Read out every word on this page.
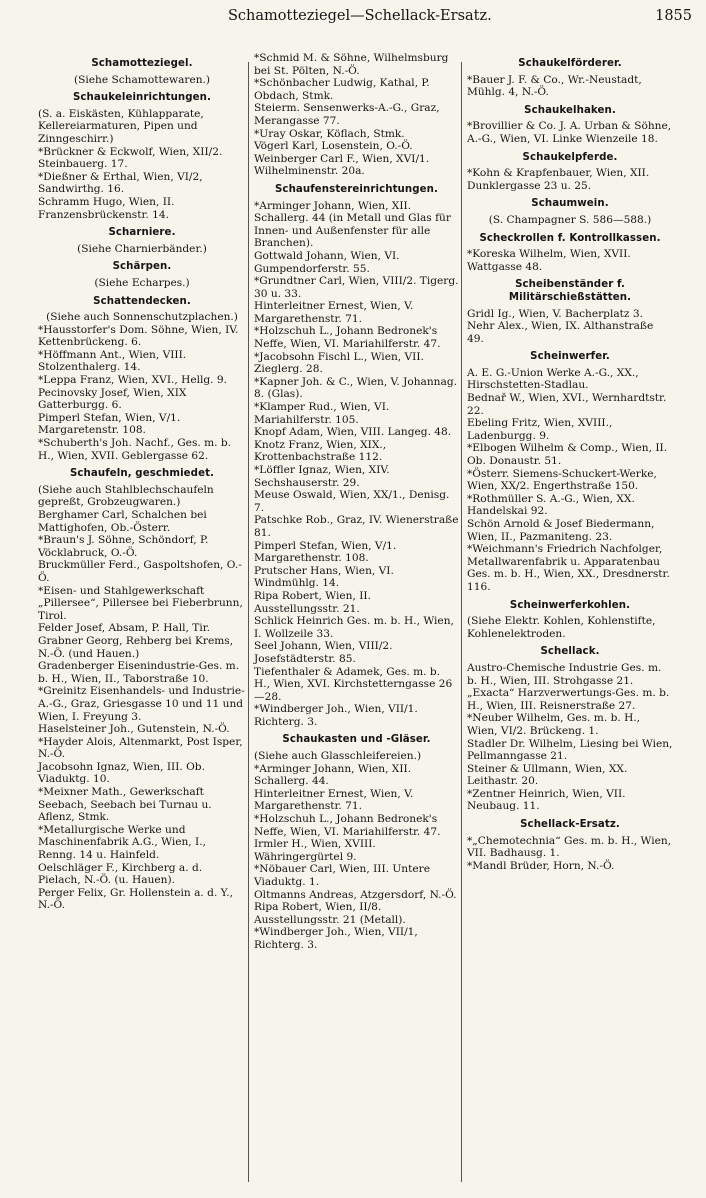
Schamotteziegel—Schellack-Ersatz.	1855
Schamotteziegel.
(Siehe Schamottewaren.)
Schaukeleinrichtungen.
(S. a. Eiskästen, Kühlapparate, Kellereiarmaturen, Pipen und Zinngeschirr.)
*Brückner & Eckwolf, Wien, XII/2. Steinbauerg. 17.
*Dießner & Erthal, Wien, VI/2, Sandwirthg. 16.
Schramm Hugo, Wien, II. Franzensbrückenstr. 14.
Scharniere.
(Siehe Charnierbänder.)
Schärpen.
(Siehe Echarpes.)
Schattendecken.
(Siehe auch Sonnenschutzplachen.)
*Hausstorfer's Dom. Söhne, Wien, IV. Kettenbrückeng. 6.
*Höffmann Ant., Wien, VIII. Stolzenthalerg. 14.
*Leppa Franz, Wien, XVI., Hellg. 9.
Pecinovsky Josef, Wien, XIX Gatterburgg. 6.
Pimperl Stefan, Wien, V/1. Margaretenstr. 108.
*Schuberth's Joh. Nachf., Ges. m. b. H., Wien, XVII. Geblergasse 62.
Schaufeln, geschmiedet.
(Siehe auch Stahlblechschaufeln gepreßt, Grobzeugwaren.)
Berghamer Carl, Schalchen bei Mattighofen, Ob.-Österr.
*Braun's J. Söhne, Schöndorf, P. Vöcklabruck, O.-Ö.
Bruckmüller Ferd., Gaspoltshofen, O.-Ö.
*Eisen- und Stahlgewerkschaft „Pillersee“, Pillersee bei Fieberbrunn, Tirol.
Felder Josef, Absam, P. Hall, Tir.
Grabner Georg, Rehberg bei Krems, N.-Ö. (und Hauen.)
Gradenberger Eisenindustrie-Ges. m. b. H., Wien, II., Taborstraße 10.
*Greinitz Eisenhandels- und Industrie-A.-G., Graz, Griesgasse 10 und 11 und Wien, I. Freyung 3.
Haselsteiner Joh., Gutenstein, N.-Ö.
*Hayder Alois, Altenmarkt, Post Isper, N.-Ö.
Jacobsohn Ignaz, Wien, III. Ob. Viaduktg. 10.
*Meixner Math., Gewerkschaft Seebach, Seebach bei Turnau u. Aflenz, Stmk.
*Metallurgische Werke und Maschinenfabrik A.G., Wien, I., Renng. 14 u. Hainfeld.
Oelschläger F., Kirchberg a. d. Pielach, N.-Ö. (u. Hauen).
Perger Felix, Gr. Hollenstein a. d. Y., N.-Ö.
*Schmid M. & Söhne, Wilhelmsburg bei St. Pölten, N.-Ö.
*Schönbacher Ludwig, Kathal, P. Obdach, Stmk.
Steierm. Sensenwerks-A.-G., Graz, Merangasse 77.
*Uray Oskar, Köflach, Stmk.
Vögerl Karl, Losenstein, O.-Ö.
Weinberger Carl F., Wien, XVI/1. Wilhelminenstr. 20a.
Schaufenstereinrichtungen.
*Arminger Johann, Wien, XII. Schallerg. 44 (in Metall und Glas für Innen- und Außenfenster für alle Branchen).
Gottwald Johann, Wien, VI. Gumpendorferstr. 55.
*Grundtner Carl, Wien, VIII/2. Tigerg. 30 u. 33.
Hinterleitner Ernest, Wien, V. Margarethenstr. 71.
*Holzschuh L., Johann Bedronek's Neffe, Wien, VI. Mariahilferstr. 47.
*Jacobsohn Fischl L., Wien, VII. Zieglerg. 28.
*Kapner Joh. & C., Wien, V. Johannag. 8. (Glas).
*Klamper Rud., Wien, VI. Mariahilferstr. 105.
Knopf Adam, Wien, VIII. Langeg. 48.
Knotz Franz, Wien, XIX., Krottenbachstraße 112.
*Löffler Ignaz, Wien, XIV. Sechshauserstr. 29.
Meuse Oswald, Wien, XX/1., Denisg. 7.
Patschke Rob., Graz, IV. Wienerstraße 81.
Pimperl Stefan, Wien, V/1. Margarethenstr. 108.
Prutscher Hans, Wien, VI. Windmühlg. 14.
Ripa Robert, Wien, II. Ausstellungsstr. 21.
Schlick Heinrich Ges. m. b. H., Wien, I. Wollzeile 33.
Seel Johann, Wien, VIII/2. Josefstädterstr. 85.
Tiefenthaler & Adamek, Ges. m. b. H., Wien, XVI. Kirchstetterngasse 26—28.
*Windberger Joh., Wien, VII/1. Richterg. 3.
Schaukasten und -Gläser.
(Siehe auch Glasschleifereien.)
*Arminger Johann, Wien, XII. Schallerg. 44.
Hinterleitner Ernest, Wien, V. Margarethenstr. 71.
*Holzschuh L., Johann Bedronek's Neffe, Wien, VI. Mariahilferstr. 47.
Irmler H., Wien, XVIII. Währingergürtel 9.
*Nöbauer Carl, Wien, III. Untere Viaduktg. 1.
Oltmanns Andreas, Atzgersdorf, N.-Ö.
Ripa Robert, Wien, II/8. Ausstellungsstr. 21 (Metall).
*Windberger Joh., Wien, VII/1, Richterg. 3.
Schaukelförderer.
*Bauer J. F. & Co., Wr.-Neustadt, Mühlg. 4, N.-Ö.
Schaukelhaken.
*Brovillier & Co. J. A. Urban & Söhne, A.-G., Wien, VI. Linke Wienzeile 18.
Schaukelpferde.
*Kohn & Krapfenbauer, Wien, XII. Dunklergasse 23 u. 25.
Schaumwein.
(S. Champagner S. 586—588.)
Scheckrollen f. Kontrollkassen.
*Koreska Wilhelm, Wien, XVII. Wattgasse 48.
Scheibenständer f. Militärschießstätten.
Gridl Ig., Wien, V. Bacherplatz 3.
Nehr Alex., Wien, IX. Althanstraße 49.
Scheinwerfer.
A. E. G.-Union Werke A.-G., XX., Hirschstetten-Stadlau.
Bednař W., Wien, XVI., Wernhardtstr. 22.
Ebeling Fritz, Wien, XVIII., Ladenburgg. 9.
*Elbogen Wilhelm & Comp., Wien, II. Ob. Donaustr. 51.
*Österr. Siemens-Schuckert-Werke, Wien, XX/2. Engerthstraße 150.
*Rothmüller S. A.-G., Wien, XX. Handelskai 92.
Schön Arnold & Josef Biedermann, Wien, II., Pazmaniteng. 23.
*Weichmann's Friedrich Nachfolger, Metallwarenfabrik u. Apparatenbau Ges. m. b. H., Wien, XX., Dresdnerstr. 116.
Scheinwerferkohlen.
(Siehe Elektr. Kohlen, Kohlenstifte, Kohlenelektroden.
Schellack.
Austro-Chemische Industrie Ges. m. b. H., Wien, III. Strohgasse 21.
„Exacta“ Harzverwertungs-Ges. m. b. H., Wien, III. Reisnerstraße 27.
*Neuber Wilhelm, Ges. m. b. H., Wien, VI/2. Brückeng. 1.
Stadler Dr. Wilhelm, Liesing bei Wien, Pellmanngasse 21.
Steiner & Ullmann, Wien, XX. Leithastr. 20.
*Zentner Heinrich, Wien, VII. Neubaug. 11.
Schellack-Ersatz.
*„Chemotechnia“ Ges. m. b. H., Wien, VII. Badhausg. 1.
*Mandl Brüder, Horn, N.-Ö.
